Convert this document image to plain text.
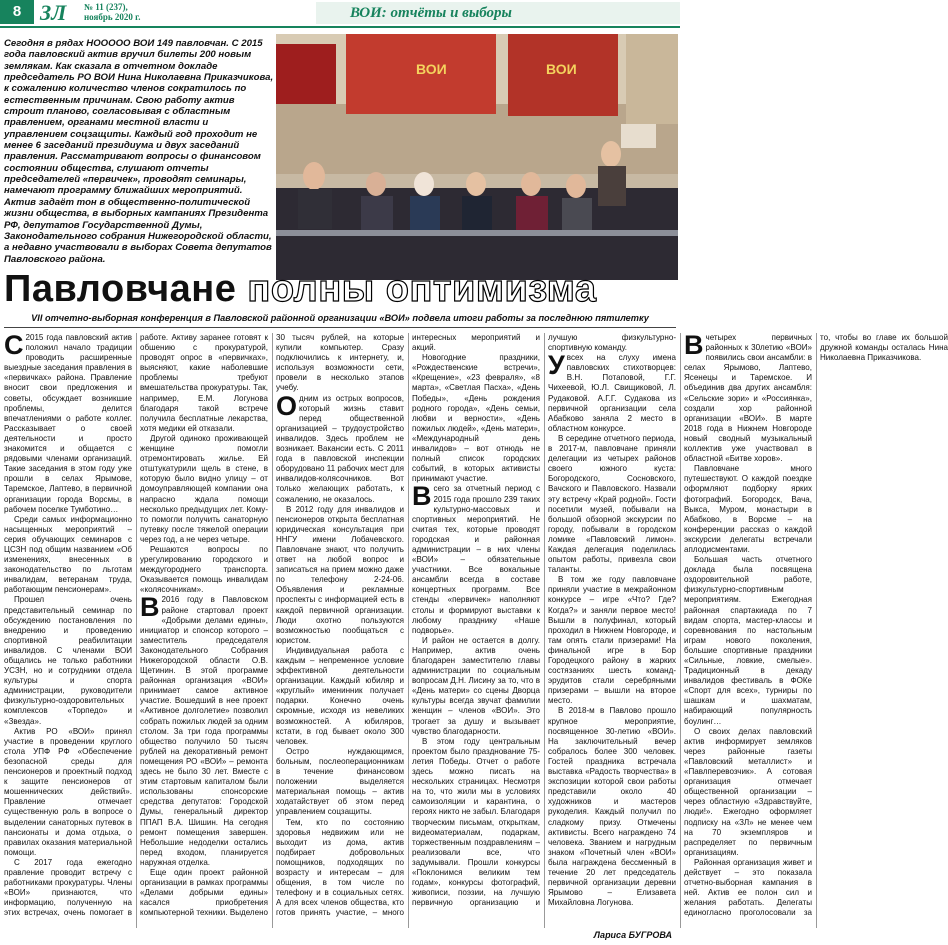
8 ЗЛ № 11 (237),
ноябрь 2020 г.	ВОИ: отчёты и выборы
Сегодня в рядах НООООО ВОИ 149 павловчан. С 2015 года павловский актив вручил билеты 200 новым землякам. Как сказала в отчетном докладе председатель РО ВОИ Нина Николаевна Приказчикова, к сожалению количество членов сократилось по естественным причинам. Свою работу актив строит планово, согласовывая с областным правлением, органами местной власти и управлением соцзащиты. Каждый год проходит не менее 6 заседаний президиума и двух заседаний правления. Рассматривают вопросы о финансовом состоянии общества, слушают отчеты председателей «первичек», проводят семинары, намечают программу ближайших мероприятий. Актив задаёт тон в общественно-политической жизни общества, в выборных кампаниях Президента РФ, депутатов Государственной Думы, Законодательного собрания Нижегородской области, а недавно участвовали в выборах Совета депутатов Павловского района.
ВОИ	ВОИ
Павловчане полны оптимизма
VII отчетно-выборная конференция в Павловской районной организации «ВОИ» подвела итоги работы за последнюю пятилетку

С2015 года павловский актив положил начало традиции проводить расширенные выездные заседания правления в «первичках» района. Правление вносит свои предложения и советы, обсуждает возникшие проблемы, делится впечатлениями о работе коллег. Рассказывает о своей деятельности и просто знакомится и общается с рядовыми членами организаций. Такие заседания в этом году уже прошли в селах Ярымове, Таремское, Лаптево, в первичной организации города Ворсмы, в рабочем поселке Тумботино…

Среди самых информационно насыщенных мероприятий – серия обучающих семинаров с ЦСЗН под общим названием «Об изменениях, внесенных в законодательство по льготам инвалидам, ветеранам труда, работающим пенсионерам».

Прошел очень представительный семинар по обсуждению постановления по внедрению и проведению спортивной реабилитации инвалидов. С членами ВОИ общались не только работники УСЗН, но и сотрудники отдела культуры и спорта администрации, руководители физкультурно-оздоровительных комплексов «Торпедо» и «Звезда».

Актив РО «ВОИ» принял участие в проведении круглого стола УПФ РФ «Обеспечение безопасной среды для пенсионеров и проектный подход к защите пенсионеров от мошеннических действий». Правление отмечает существенную роль в вопросе о выделении санаторных путевок в пансионаты и дома отдыха, о правилах оказания материальной помощи.

С 2017 года ежегодно правление проводит встречу с работниками прокуратуры. Члены «ВОИ» признаются, что информацию, полученную на этих встречах, очень помогает в работе. Активу заранее готовят к обшению с прокуратурой, проводят опрос в «первичках», выясняют, какие наболевшие проблемы требуют вмешательства прокуратуры. Так, например, Е.М. Логунова благодаря такой встрече получила бесплатные лекарства, хотя медики ей отказали.

Другой одиноко проживающей женщине помогли отремонтировать жилье. Ей отштукатурили щель в стене, в которую было видно улицу – от домоуправляющей компании она напрасно ждала помощи несколько предыдущих лет. Кому-то помогли получить санаторную путевку после тяжелой операции через год, а не через четыре.

Решаются вопросы по урегулированию городского и междугороднего транспорта. Оказывается помощь инвалидам «колясочникам».

В2016 году в Павловском районе стартовал проект «Добрыми делами едины», инициатор и спонсор которого – заместитель председателя Законодательного Собрания Нижегородской области О.В. Щетинин. В этой программе районная организация «ВОИ» принимает самое активное участие. Вошедший в нее проект «Активное долголетие» позволил собрать пожилых людей за одним столом. За три года программы общество получило 50 тысяч рублей на декоративный ремонт помещения РО «ВОИ» – ремонта здесь не было 30 лет. Вместе с этим стартовым капиталом были использованы спонсорские средства депутатов: Городской Думы, генеральный директор ППАП В.А. Шишин. На сегодня ремонт помещения завершен. Небольшие недоделки остались перед входом, планируется наружная отделка.

Еще один проект районной организации в рамках программы «Делами добрыми едины» касался приобретения компьютерной техники. Выделено 30 тысяч рублей, на которые купили компьютер. Сразу подключились к интернету, и, используя возможности сети, провели в несколько этапов учебу.

Одним из острых вопросов, который жизнь ставит перед общественной организацией – трудоустройство инвалидов. Здесь проблем не возникает. Вакансии есть. С 2011 года в павловской инспекции оборудовано 11 рабочих мест для инвалидов-колясочников. Вот только желающих работать, к сожалению, не оказалось.

В 2012 году для инвалидов и пенсионеров открыта бесплатная юридическая консультация при ННГУ имени Лобачевского. Павловчане знают, что получить ответ на любой вопрос и записаться на прием можно даже по телефону 2-24-06. Объявления и рекламные проспекты с информацией есть в каждой первичной организации. Люди охотно пользуются возможностью пообщаться с юристом.

Индивидуальная работа с каждым – непременное условие эффективной деятельности организации. Каждый юбиляр и «круглый» именинник получает подарки. Конечно очень скромные, исходя из невеликих возможностей. А юбиляров, кстати, в год бывает около 300 человек.

Остро нуждающимся, больным, послеоперационникам в течение финансовом положении выделяется материальная помощь – актив ходатайствует об этом перед управлением соцзащиты.

Тем, кто по состоянию здоровья недвижим или не выходит из дома, актив подбирает добровольных помощников, подходящих по возрасту и интересам – для общения, в том числе по телефону и в социальных сетях. А для всех членов общества, кто готов принять участие, – много интересных мероприятий и акций.

Новогодние праздники, «Рождественские встречи», «Крещение», «23 февраля», «8 марта», «Светлая Пасха», «День Победы», «День рождения родного города», «День семьи, любви и верности», «День пожилых людей», «День матери», «Международный день инвалидов» – вот отнюдь не полный список городских событий, в которых активисты принимают участие.

Всего за отчетный период с 2015 года прошло 239 таких культурно-массовых и спортивных мероприятий. Не считая тех, которые проводят городская и районная администрации – в них члены «ВОИ» – обязательные участники. Все вокальные ансамбли всегда в составе концертных программ. Все стенды «первичек» наполняют столы и формируют выставки к любому празднику «Наше подворье».

И район не остается в долгу. Например, актив очень благодарен заместителю главы администрации по социальным вопросам Д.Н. Лисину за то, что в «День матери» со сцены Дворца культуры всегда звучат фамилии женщин – членов «ВОИ». Это трогает за душу и вызывает чувство благодарности.

В этом году центральным проектом было празднование 75-летия Победы. Отчет о работе здесь можно писать на нескольких страницах. Несмотря на то, что жили мы в условиях самоизоляции и карантина, о героях никто не забыл. Благодаря творческим письмам, открыткам, видеоматериалам, подаркам, торжественным поздравлениям – реализовали все, что задумывали. Прошли конкурсы «Поклонимся великим тем годам», конкурсы фотографий, живописи, поэзии, на лучшую первичную организацию и лучшую физкультурно-спортивную команду.

Увсех на слуху имена павловских стихотворцев: В.Н. Потаповой, Г.Г. Чихеевой, Ю.Л. Свищиковой, Л. Рудаковой. А.Г.Г. Судакова из первичной организации села Абабково заняла 2 место в областном конкурсе.

В середине отчетного периода, в 2017-м, павловчане приняли делегации из четырех районов своего южного куста: Богородского, Сосновского, Вачского и Павловского. Назвали эту встречу «Край родной». Гости посетили музей, побывали на большой обзорной экскурсии по городу, побывали в городском ломике «Павловский лимон». Каждая делегация поделилась опытом работы, привезла свои таланты.

В том же году павловчане приняли участие в межрайонном конкурсе – игре «Что? Где? Когда?» и заняли первое место! Вышли в полуфинал, который проходил в Нижнем Новгороде, и там опять стали призерами! На финальной игре в Бор Городецкого району в жарких состязаниях шесть команд-эрудитов стали серебряными призерами – вышли на второе место.

В 2018-м в Павлово прошло крупное мероприятие, посвященное 30-летию «ВОИ». На заключительный вечер собралось более 300 человек. Гостей праздника встречала выставка «Радость творчества» в экспозиции которой свои работы представили около 40 художников и мастеров рукоделия. Каждый получил по сладкому призу. Отмечены активисты. Всего награждено 74 человека. Званием и нагрудным знаком «Почетный член «ВОИ» была награждена бессменный в течение 20 лет председатель первичной организации деревни Ярымово – Елизавета Михайловна Логунова.

Вчетырех первичных районных к 30летию «ВОИ» появились свои ансамбли: в селах Ярымово, Лаптево, Ясенецы и Таремское. И объединив два других ансамбля: «Сельские зори» и «Россиянка», создали хор районной организации «ВОИ». В марте 2018 года в Нижнем Новгороде новый сводный музыкальный коллектив уже участвовал в областной «Битве хоров».

Павловчане много путешествуют. О каждой поездке оформляют подборку ярких фотографий. Богородск, Вача, Выкса, Муром, монастыри в Абабково, в Ворсме – на конференции рассказ о каждой экскурсии делегаты встречали аплодисментами.

Большая часть отчетного доклада была посвящена оздоровительной работе, физкультурно-спортивным мероприятиям. Ежегодная районная спартакиада по 7 видам спорта, мастер-классы и соревнования по настольным играм нового поколения, большие спортивные праздники «Сильные, ловкие, смелые». Традиционный в декаду инвалидов фестиваль в ФОКе «Спорт для всех», турниры по шашкам и шахматам, набирающий популярность боулинг…

О своих делах павловский актив информирует земляков через районные газеты «Павловский металлист» и «Павлперевозчик». А сотовая организация отмечает общественной организации – через областную «Здравствуйте, люди!». Ежегодно оформляет подписку на «ЗЛ» не менее чем на 70 экземпляров и распределяет по первичным организациям.

Районная организация живет и действует – это показала отчетно-выборная кампания в ней. Актив ее полон сил и желания работать. Делегаты единогласно проголосовали за то, чтобы во главе их большой дружной команды осталась Нина Николаевна Приказчикова.

Лариса БУГРОВА
